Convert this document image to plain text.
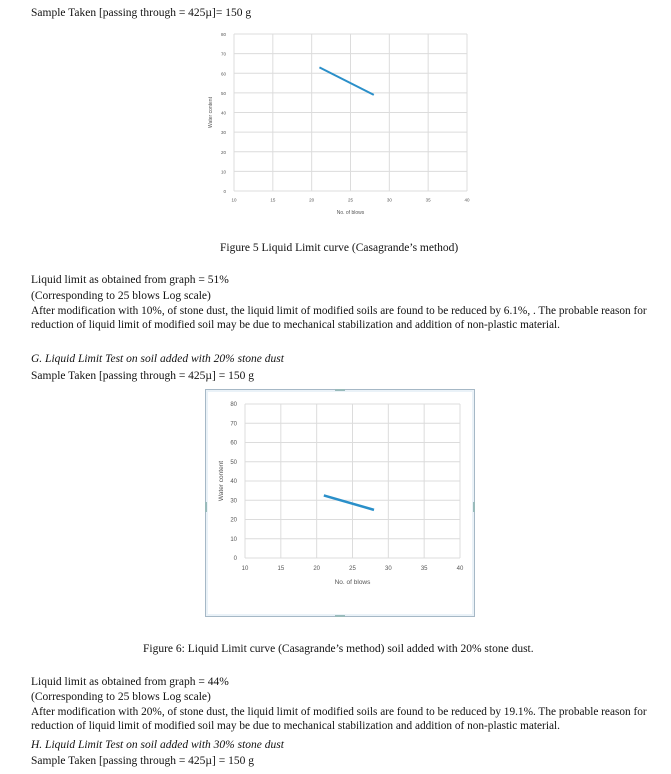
Sample Taken [passing through = 425µ]= 150 g
0
10
20
30
40
50
60
70
80
10	15	20	25	30	35	40
No. of blows
Water content
Figure 5 Liquid Limit curve (Casagrande’s method)
Liquid limit as obtained from graph = 51%
(Corresponding to 25 blows Log scale)
After modification with 10%, of stone dust, the liquid limit of modified soils are found to be reduced by 6.1%, . The probable reason for reduction of liquid limit of modified soil may be due to mechanical stabilization and addition of non-plastic material.
G. Liquid Limit Test on soil added with 20% stone dust
Sample Taken [passing through = 425µ] = 150 g
0
10
20
30
40
50
60
70
80
10	15	20	25	30	35	40
No. of blows
Water content
Figure 6: Liquid Limit curve (Casagrande’s method) soil added with 20% stone dust.
Liquid limit as obtained from graph = 44%
(Corresponding to 25 blows Log scale)
After modification with 20%, of stone dust, the liquid limit of modified soils are found to be reduced by 19.1%. The probable reason for reduction of liquid limit of modified soil may be due to mechanical stabilization and addition of non-plastic material.
H. Liquid Limit Test on soil added with 30% stone dust
Sample Taken [passing through = 425µ] = 150 g
